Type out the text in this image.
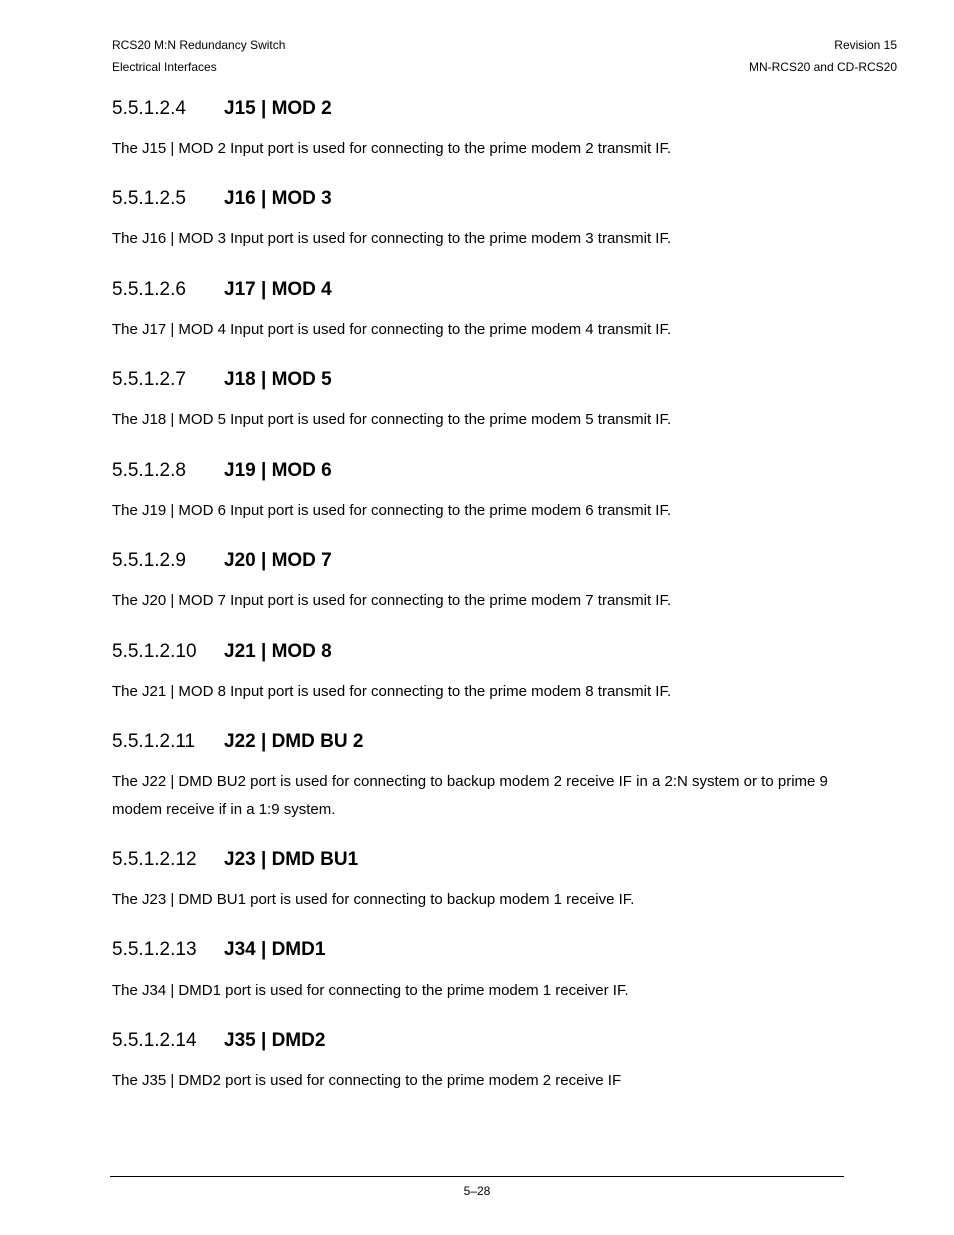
RCS20 M:N Redundancy Switch
Electrical Interfaces
Revision 15
MN-RCS20 and CD-RCS20
5.5.1.2.4 J15 | MOD 2

The J15 | MOD 2 Input port is used for connecting to the prime modem 2 transmit IF.

5.5.1.2.5 J16 | MOD 3

The J16 | MOD 3 Input port is used for connecting to the prime modem 3 transmit IF.

5.5.1.2.6 J17 | MOD 4

The J17 | MOD 4 Input port is used for connecting to the prime modem 4 transmit IF.

5.5.1.2.7 J18 | MOD 5

The J18 | MOD 5 Input port is used for connecting to the prime modem 5 transmit IF.

5.5.1.2.8 J19 | MOD 6

The J19 | MOD 6 Input port is used for connecting to the prime modem 6 transmit IF.

5.5.1.2.9 J20 | MOD 7

The J20 | MOD 7 Input port is used for connecting to the prime modem 7 transmit IF.

5.5.1.2.10 J21 | MOD 8

The J21 | MOD 8 Input port is used for connecting to the prime modem 8 transmit IF.

5.5.1.2.11 J22 | DMD BU 2

The J22 | DMD BU2 port is used for connecting to backup modem 2 receive IF in a 2:N system or to prime 9 modem receive if in a 1:9 system.

5.5.1.2.12 J23 | DMD BU1

The J23 | DMD BU1 port is used for connecting to backup modem 1 receive IF.

5.5.1.2.13 J34 | DMD1

The J34 | DMD1 port is used for connecting to the prime modem 1 receiver IF.

5.5.1.2.14 J35 | DMD2

The J35 | DMD2 port is used for connecting to the prime modem 2 receive IF

5–28
